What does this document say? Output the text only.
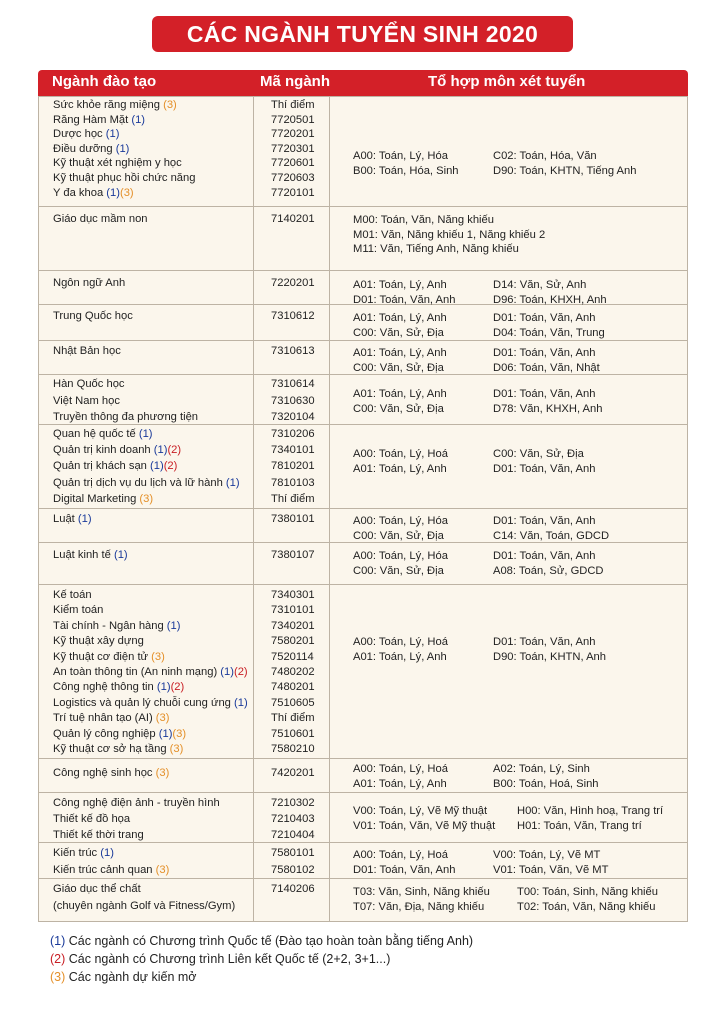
CÁC NGÀNH TUYỂN SINH 2020
Ngành đào tạo	Mã ngành	Tổ hợp môn xét tuyển
Sức khỏe răng miệng (3)	Thí điểm
Răng Hàm Mặt (1)	7720501
Dược học (1)	7720201
Điều dưỡng (1)	7720301
Kỹ thuật xét nghiệm y học	7720601
Kỹ thuật phục hồi chức năng	7720603
Y đa khoa (1)(3)	7720101
A00: Toán, Lý, Hóa	C02: Toán, Hóa, Văn
B00: Toán, Hóa, Sinh	D90: Toán, KHTN, Tiếng Anh
Giáo dục mầm non	7140201	M00: Toán, Văn, Năng khiếu
M01: Văn, Năng khiếu 1, Năng khiếu 2
M11: Văn, Tiếng Anh, Năng khiếu
Ngôn ngữ Anh	7220201	A01: Toán, Lý, Anh	D14: Văn, Sử, Anh
D01: Toán, Văn, Anh	D96: Toán, KHXH, Anh
Trung Quốc học	7310612	A01: Toán, Lý, Anh	D01: Toán, Văn, Anh
C00: Văn, Sử, Địa	D04: Toán, Văn, Trung
Nhật Bản học	7310613	A01: Toán, Lý, Anh	D01: Toán, Văn, Anh
C00: Văn, Sử, Địa	D06: Toán, Văn, Nhật
Hàn Quốc học	7310614
Việt Nam học	7310630
Truyền thông đa phương tiện	7320104
A01: Toán, Lý, Anh	D01: Toán, Văn, Anh
C00: Văn, Sử, Địa	D78: Văn, KHXH, Anh
Quan hệ quốc tế (1)	7310206
Quản trị kinh doanh (1)(2)	7340101
Quản trị khách sạn (1)(2)	7810201
Quản trị dịch vụ du lịch và lữ hành (1)	7810103
Digital Marketing (3)	Thí điểm
A00: Toán, Lý, Hoá	C00: Văn, Sử, Địa
A01: Toán, Lý, Anh	D01: Toán, Văn, Anh
Luật (1)	7380101	A00: Toán, Lý, Hóa	D01: Toán, Văn, Anh
C00: Văn, Sử, Địa	C14: Văn, Toán, GDCD
Luật kinh tế (1)	7380107	A00: Toán, Lý, Hóa	D01: Toán, Văn, Anh
C00: Văn, Sử, Địa	A08: Toán, Sử, GDCD
Kế toán	7340301
Kiểm toán	7310101
Tài chính - Ngân hàng (1)	7340201
Kỹ thuật xây dựng	7580201
Kỹ thuật cơ điện tử (3)	7520114
An toàn thông tin (An ninh mạng) (1)(2) 7480202
Công nghệ thông tin (1)(2)	7480201
Logistics và quản lý chuỗi cung ứng (1) 7510605
Trí tuệ nhân tạo (AI) (3)	Thí điểm
Quản lý công nghiệp (1)(3)	7510601
Kỹ thuật cơ sở hạ tầng (3)	7580210
A00: Toán, Lý, Hoá	D01: Toán, Văn, Anh
A01: Toán, Lý, Anh	D90: Toán, KHTN, Anh
Công nghệ sinh học (3)	7420201	A00: Toán, Lý, Hoá	A02: Toán, Lý, Sinh
A01: Toán, Lý, Anh	B00: Toán, Hoá, Sinh
Công nghệ điện ảnh - truyền hình	7210302
Thiết kế đồ họa	7210403
Thiết kế thời trang	7210404
V00: Toán, Lý, Vẽ Mỹ thuật	H00: Văn, Hình hoạ, Trang trí
V01: Toán, Văn, Vẽ Mỹ thuật H01: Toán, Văn, Trang trí
Kiến trúc (1)	7580101
Kiến trúc cảnh quan (3)	7580102
A00: Toán, Lý, Hoá	V00: Toán, Lý, Vẽ MT
D01: Toán, Văn, Anh	V01: Toán, Văn, Vẽ MT
Giáo dục thể chất	7140206
(chuyên ngành Golf và Fitness/Gym)
T03: Văn, Sinh, Năng khiếu T00: Toán, Sinh, Năng khiếu
T07: Văn, Địa, Năng khiếu	T02: Toán, Văn, Năng khiếu
(1) Các ngành có Chương trình Quốc tế (Đào tạo hoàn toàn bằng tiếng Anh)
(2) Các ngành có Chương trình Liên kết Quốc tế (2+2, 3+1...)
(3) Các ngành dự kiến mở
